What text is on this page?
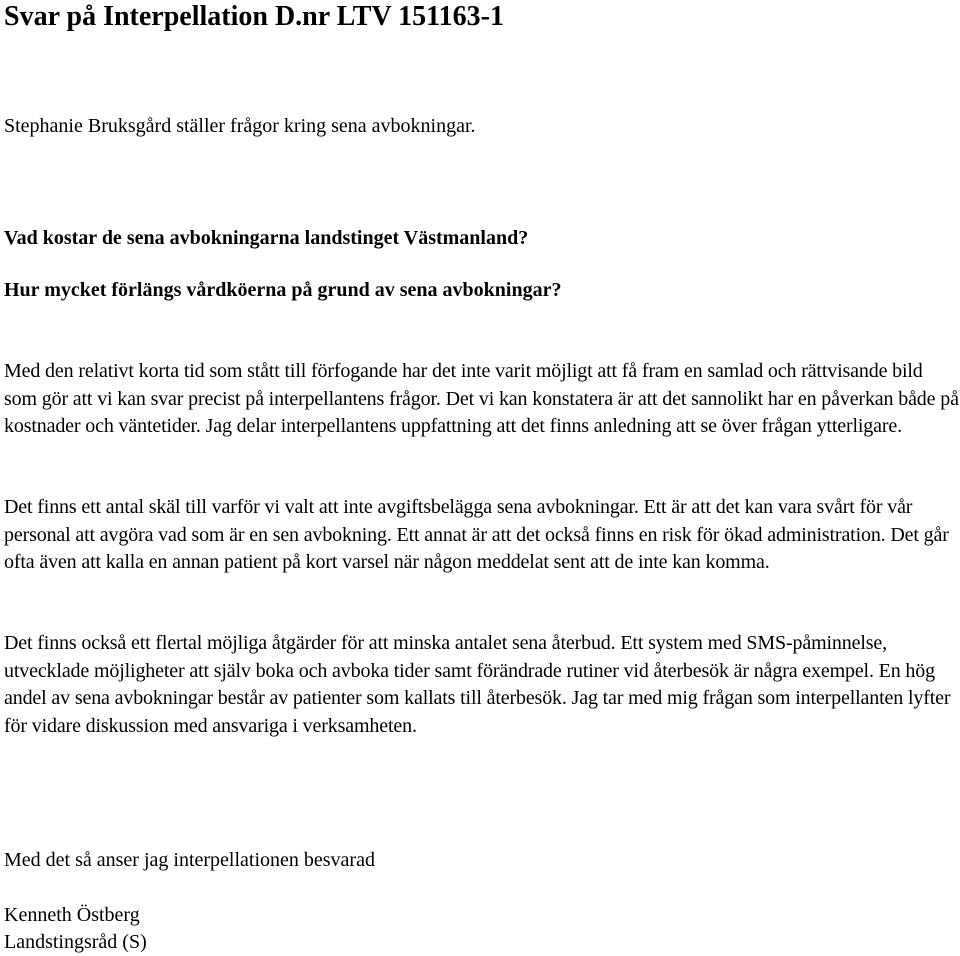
Svar på Interpellation D.nr LTV 151163-1

Stephanie Bruksgård ställer frågor kring sena avbokningar.

Vad kostar de sena avbokningarna landstinget Västmanland?

Hur mycket förlängs vårdköerna på grund av sena avbokningar?

Med den relativt korta tid som stått till förfogande har det inte varit möjligt att få fram en samlad och rättvisande bild som gör att vi kan svar precist på interpellantens frågor. Det vi kan konstatera är att det sannolikt har en påverkan både på kostnader och väntetider. Jag delar interpellantens uppfattning att det finns anledning att se över frågan ytterligare.

Det finns ett antal skäl till varför vi valt att inte avgiftsbelägga sena avbokningar. Ett är att det kan vara svårt för vår personal att avgöra vad som är en sen avbokning. Ett annat är att det också finns en risk för ökad administration. Det går ofta även att kalla en annan patient på kort varsel när någon meddelat sent att de inte kan komma.

Det finns också ett flertal möjliga åtgärder för att minska antalet sena återbud. Ett system med SMS-påminnelse, utvecklade möjligheter att själv boka och avboka tider samt förändrade rutiner vid återbesök är några exempel. En hög andel av sena avbokningar består av patienter som kallats till återbesök. Jag tar med mig frågan som interpellanten lyfter för vidare diskussion med ansvariga i verksamheten.

Med det så anser jag interpellationen besvarad

Kenneth Östberg

Landstingsråd (S)
